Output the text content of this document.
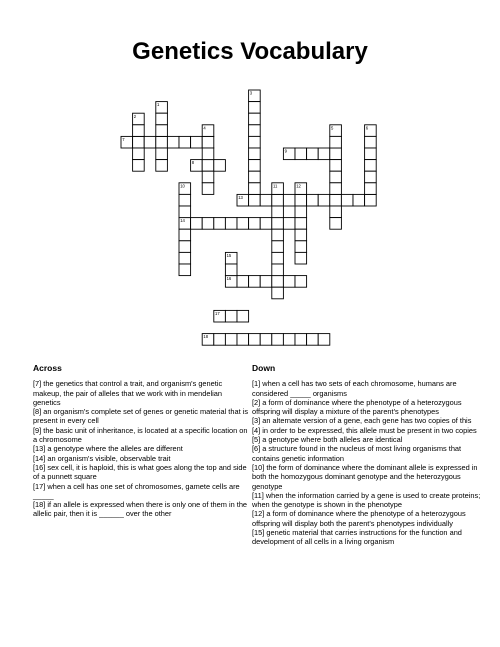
Genetics Vocabulary
1
2
3
4	5	6
7
8
9
10	11	12
13
14
15
16
17
18
Across

[7] the genetics that control a trait, and organism's genetic makeup, the pair of alleles that we work with in mendelian genetics

[8] an organism's complete set of genes or genetic material that is present in every cell

[9] the basic unit of inheritance, is located at a specific location on a chromosome

[13] a genotype where the alleles are different

[14] an organism's visible, observable trait

[16] sex cell, it is haploid, this is what goes along the top and side of a punnett square

[17] when a cell has one set of chromosomes, gamete cells are _____

[18] if an allele is expressed when there is only one of them in the allelic pair, then it is ______ over the other

Down

[1] when a cell has two sets of each chromosome, humans are considered _____ organisms

[2] a form of dominance where the phenotype of a heterozygous offspring will display a mixture of the parent's phenotypes

[3] an alternate version of a gene, each gene has two copies of this

[4] in order to be expressed, this allele must be present in two copies

[5] a genotype where both alleles are identical

[6] a structure found in the nucleus of most living organisms that contains genetic information

[10] the form of dominance where the dominant allele is expressed in both the homozygous dominant genotype and the heterozygous genotype

[11] when the information carried by a gene is used to create proteins; when the genotype is shown in the phenotype

[12] a form of dominance where the phenotype of a heterozygous offspring will display both the parent's phenotypes individually

[15] genetic material that carries instructions for the function and development of all cells in a living organism
